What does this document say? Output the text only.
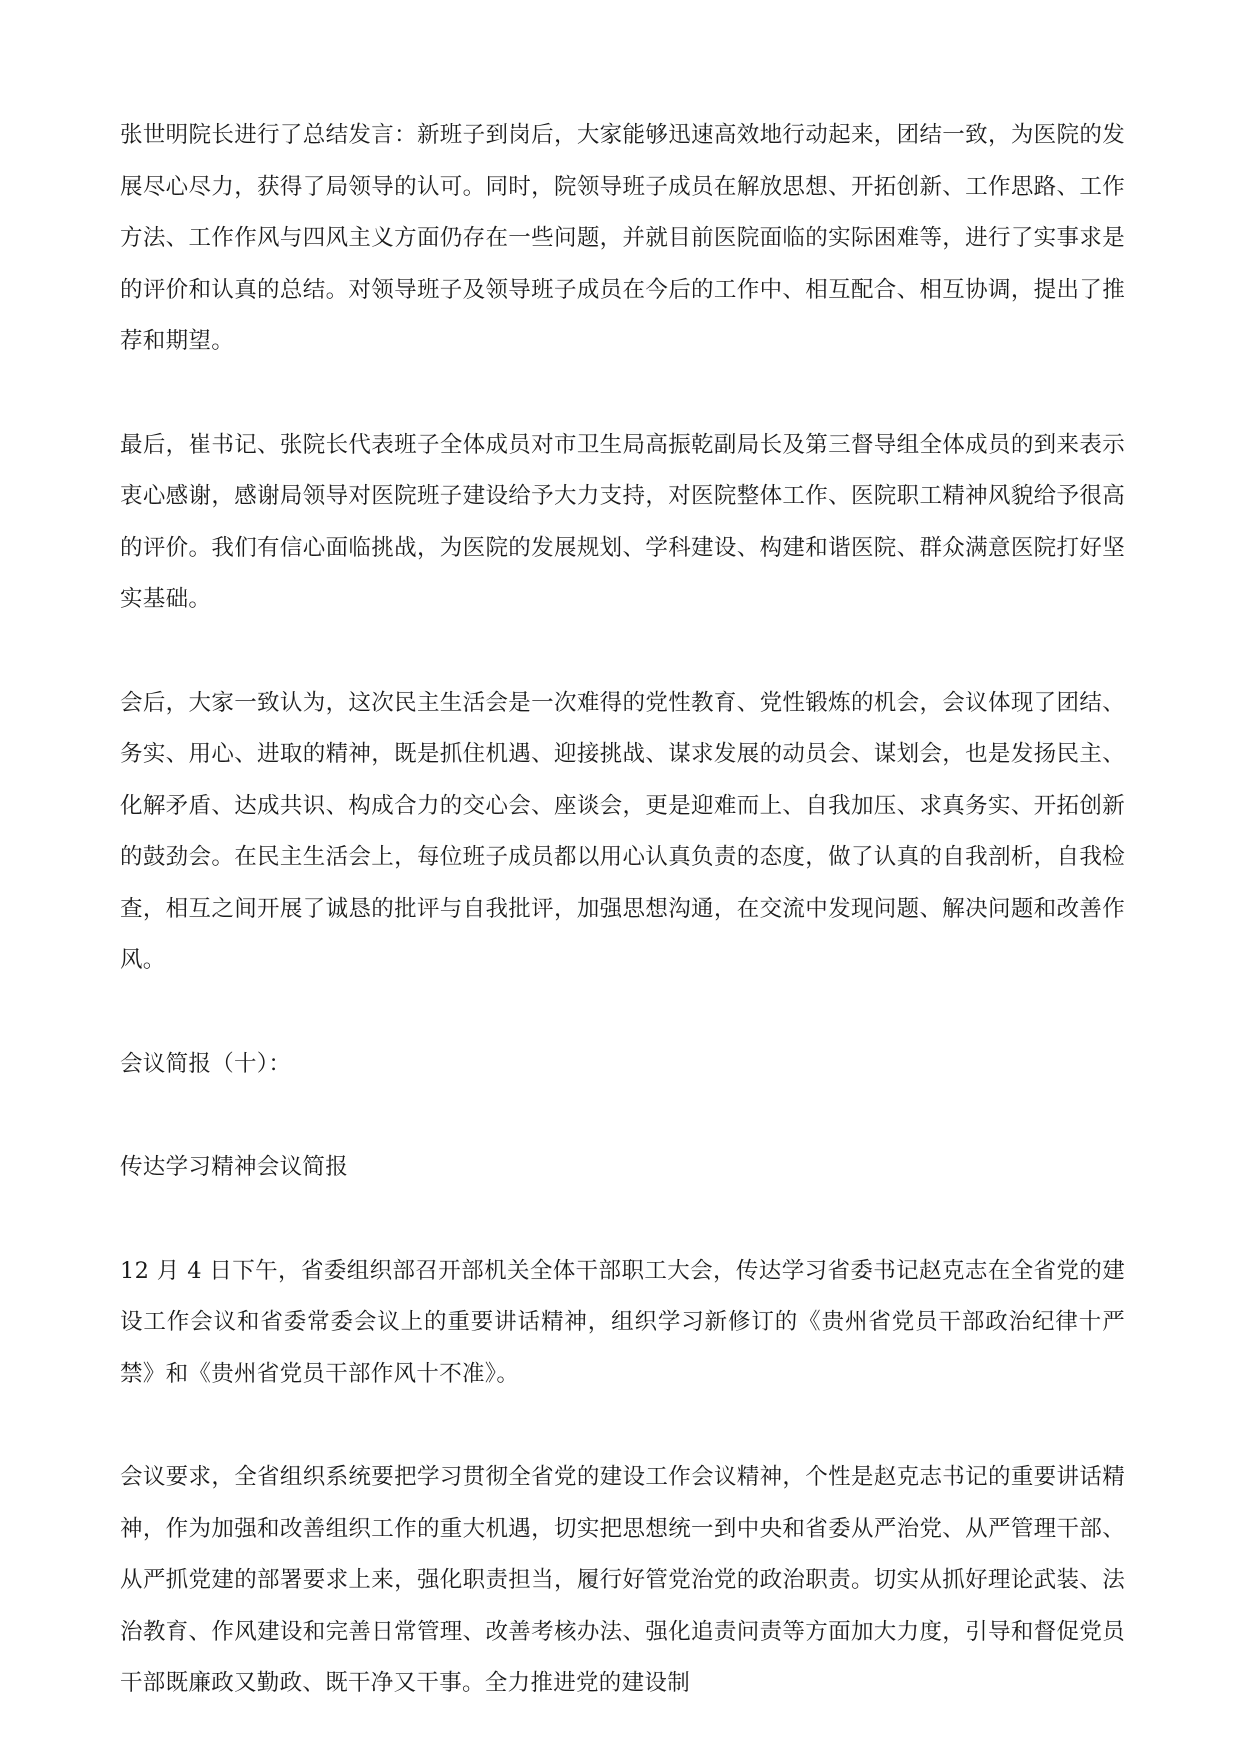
张世明院长进行了总结发言：新班子到岗后，大家能够迅速高效地行动起来，团结一致，为医院的发展尽心尽力，获得了局领导的认可。同时，院领导班子成员在解放思想、开拓创新、工作思路、工作方法、工作作风与四风主义方面仍存在一些问题，并就目前医院面临的实际困难等，进行了实事求是的评价和认真的总结。对领导班子及领导班子成员在今后的工作中、相互配合、相互协调，提出了推荐和期望。

最后，崔书记、张院长代表班子全体成员对市卫生局高振乾副局长及第三督导组全体成员的到来表示衷心感谢，感谢局领导对医院班子建设给予大力支持，对医院整体工作、医院职工精神风貌给予很高的评价。我们有信心面临挑战，为医院的发展规划、学科建设、构建和谐医院、群众满意医院打好坚实基础。

会后，大家一致认为，这次民主生活会是一次难得的党性教育、党性锻炼的机会，会议体现了团结、务实、用心、进取的精神，既是抓住机遇、迎接挑战、谋求发展的动员会、谋划会，也是发扬民主、化解矛盾、达成共识、构成合力的交心会、座谈会，更是迎难而上、自我加压、求真务实、开拓创新的鼓劲会。在民主生活会上，每位班子成员都以用心认真负责的态度，做了认真的自我剖析，自我检查，相互之间开展了诚恳的批评与自我批评，加强思想沟通，在交流中发现问题、解决问题和改善作风。

会议简报（十）：

传达学习精神会议简报

12 月 4 日下午，省委组织部召开部机关全体干部职工大会，传达学习省委书记赵克志在全省党的建设工作会议和省委常委会议上的重要讲话精神，组织学习新修订的《贵州省党员干部政治纪律十严禁》和《贵州省党员干部作风十不准》。

会议要求，全省组织系统要把学习贯彻全省党的建设工作会议精神，个性是赵克志书记的重要讲话精神，作为加强和改善组织工作的重大机遇，切实把思想统一到中央和省委从严治党、从严管理干部、从严抓党建的部署要求上来，强化职责担当，履行好管党治党的政治职责。切实从抓好理论武装、法治教育、作风建设和完善日常管理、改善考核办法、强化追责问责等方面加大力度，引导和督促党员干部既廉政又勤政、既干净又干事。全力推进党的建设制
